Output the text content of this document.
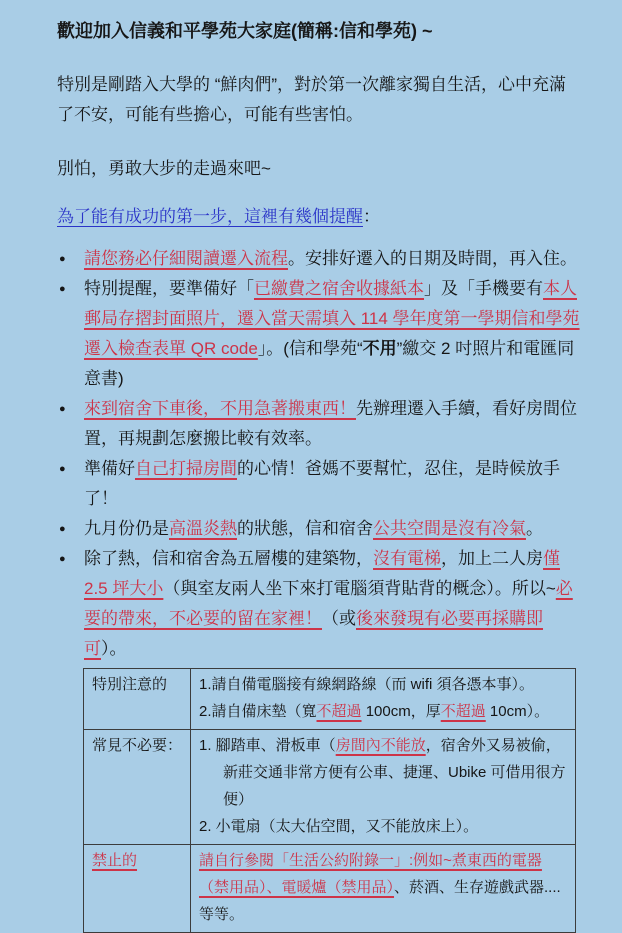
歡迎加入信義和平學苑大家庭(簡稱:信和學苑) ~

特別是剛踏入大學的 “鮮肉們”，對於第一次離家獨自生活，心中充滿了不安，可能有些擔心，可能有些害怕。

別怕，勇敢大步的走過來吧~

為了能有成功的第一步，這裡有幾個提醒：

● 請您務必仔細閱讀遷入流程。安排好遷入的日期及時間，再入住。
● 特別提醒，要準備好「已繳費之宿舍收據紙本」及「手機要有本人郵局存摺封面照片，遷入當天需填入 114 學年度第一學期信和學苑遷入檢查表單 QR code」。(信和學苑“不用”繳交 2 吋照片和電匯同意書)
● 來到宿舍下車後，不用急著搬東西！先辦理遷入手續，看好房間位置，再規劃怎麼搬比較有效率。
● 準備好自己打掃房間的心情！爸媽不要幫忙，忍住，是時候放手了！
● 九月份仍是高溫炎熱的狀態，信和宿舍公共空間是沒有冷氣。
● 除了熱，信和宿舍為五層樓的建築物，沒有電梯，加上二人房僅2.5 坪大小（與室友兩人坐下來打電腦須背貼背的概念）。所以~必要的帶來，不必要的留在家裡！（或後來發現有必要再採購即可）。
特別注意的	1.請自備電腦接有線網路線（而 wifi 須各憑本事）。
2.請自備床墊（寬不超過 100cm，厚不超過 10cm）。

常見不必要：	1. 腳踏車、滑板車（房間內不能放，宿舍外又易被偷，新莊交通非常方便有公車、捷運、Ubike 可借用很方便）
2. 小電扇（太大佔空間，又不能放床上）。

禁止的	請自行參閱「生活公約附錄一」:例如~煮東西的電器（禁用品）、電暖爐（禁用品）、菸酒、生存遊戲武器....等等。
